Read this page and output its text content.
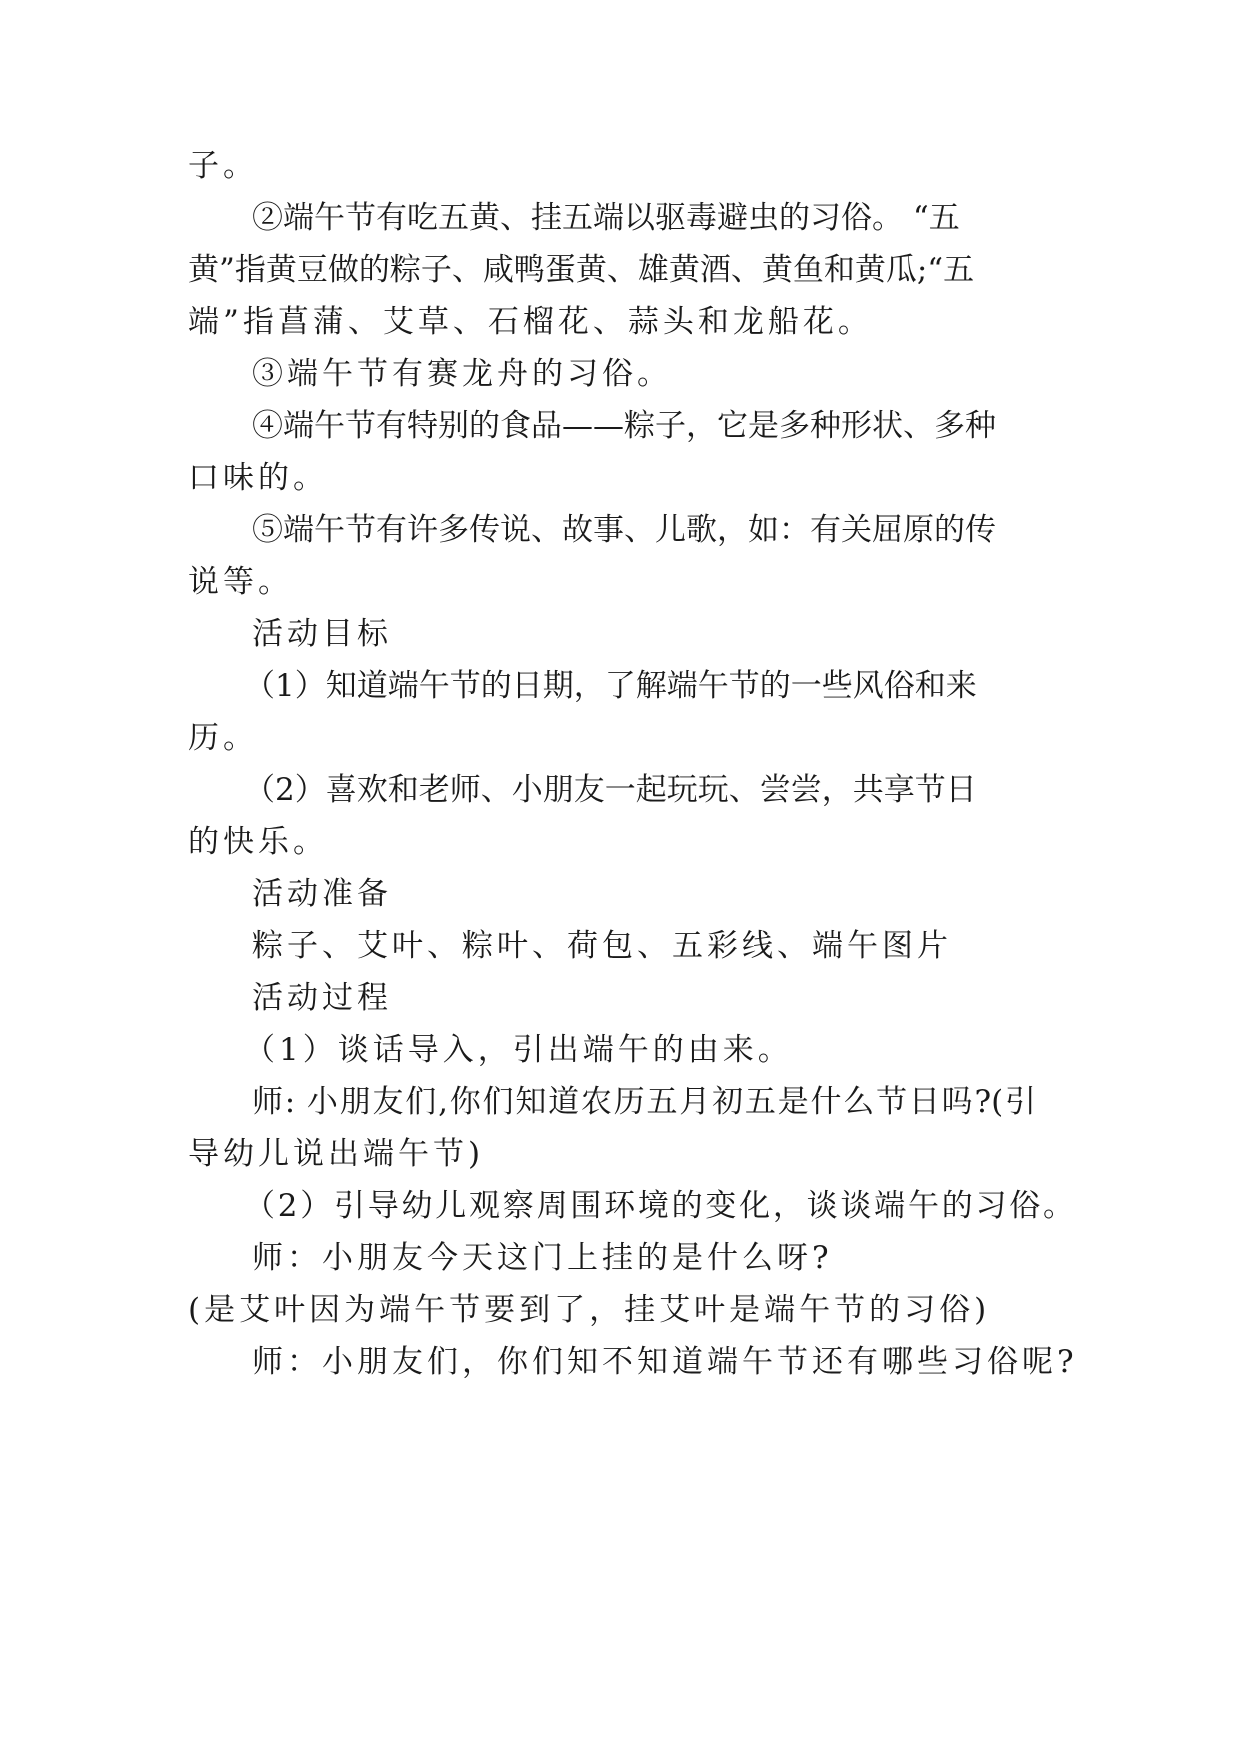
子。

②端午节有吃五黄、挂五端以驱毒避虫的习俗。 “五

黄”指黄豆做的粽子、咸鸭蛋黄、雄黄酒、黄鱼和黄瓜;“五

端”指菖蒲、艾草、石榴花、蒜头和龙船花。

③端午节有赛龙舟的习俗。

④端午节有特别的食品——粽子，它是多种形状、多种

口味的。

⑤端午节有许多传说、故事、儿歌，如：有关屈原的传

说等。

活动目标

（1）知道端午节的日期，了解端午节的一些风俗和来

历。

（2）喜欢和老师、小朋友一起玩玩、尝尝，共享节日

的快乐。

活动准备

粽子、艾叶、粽叶、荷包、五彩线、端午图片

活动过程

（1）谈话导入，引出端午的由来。

师: 小朋友们,你们知道农历五月初五是什么节日吗?(引

导幼儿说出端午节)

（2）引导幼儿观察周围环境的变化，谈谈端午的习俗。

师：小朋友今天这门上挂的是什么呀?

(是艾叶因为端午节要到了，挂艾叶是端午节的习俗)

师：小朋友们，你们知不知道端午节还有哪些习俗呢?
